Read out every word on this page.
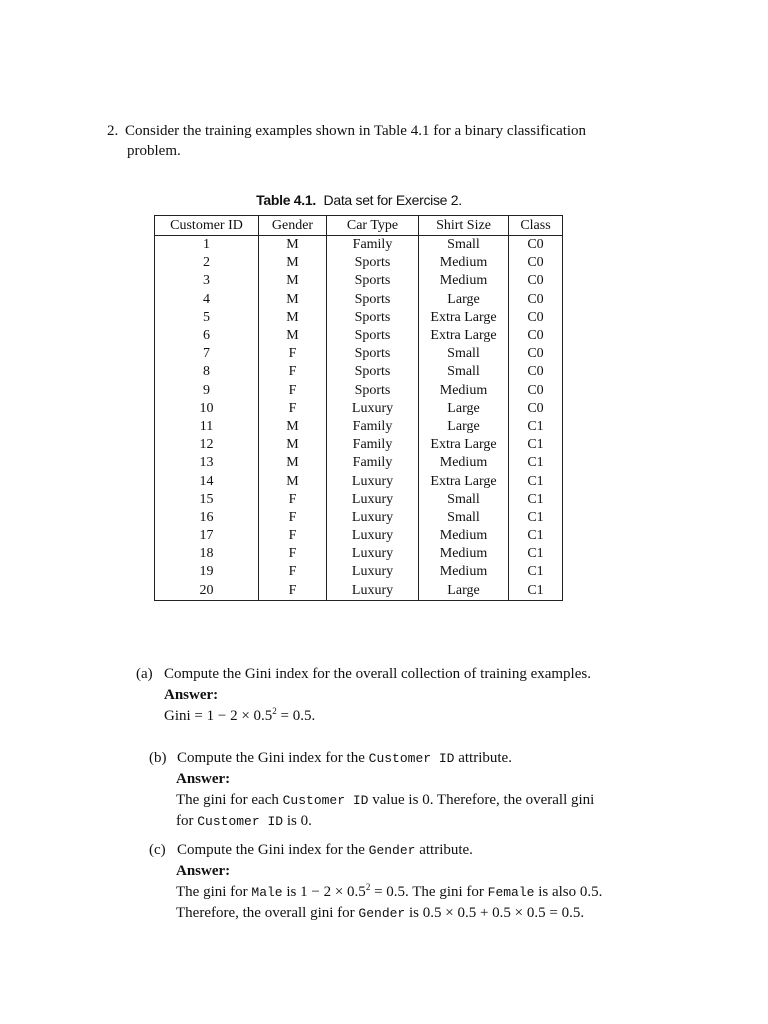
2. Consider the training examples shown in Table 4.1 for a binary classification
problem.
Table 4.1. Data set for Exercise 2.
Customer ID	Gender	Car Type	Shirt Size	Class
1	M	Family	Small	C0
2	M	Sports	Medium	C0
3	M	Sports	Medium	C0
4	M	Sports	Large	C0
5	M	Sports	Extra Large	C0
6	M	Sports	Extra Large	C0
7	F	Sports	Small	C0
8	F	Sports	Small	C0
9	F	Sports	Medium	C0
10	F	Luxury	Large	C0
11	M	Family	Large	C1
12	M	Family	Extra Large	C1
13	M	Family	Medium	C1
14	M	Luxury	Extra Large	C1
15	F	Luxury	Small	C1
16	F	Luxury	Small	C1
17	F	Luxury	Medium	C1
18	F	Luxury	Medium	C1
19	F	Luxury	Medium	C1
20	F	Luxury	Large	C1
(a) Compute the Gini index for the overall collection of training examples.
Answer:
Gini = $1 - 2 \times 0.5^2 = 0.5$.
(b) Compute the Gini index for the Customer ID attribute.
Answer:
The gini for each Customer ID value is 0. Therefore, the overall gini
for Customer ID is 0.
(c) Compute the Gini index for the Gender attribute.
Answer:
The gini for Male is $1 - 2 \times 0.5^2 = 0.5$. The gini for Female is also 0.5.
Therefore, the overall gini for Gender is 0.5 × 0.5 + 0.5 × 0.5 = 0.5.
